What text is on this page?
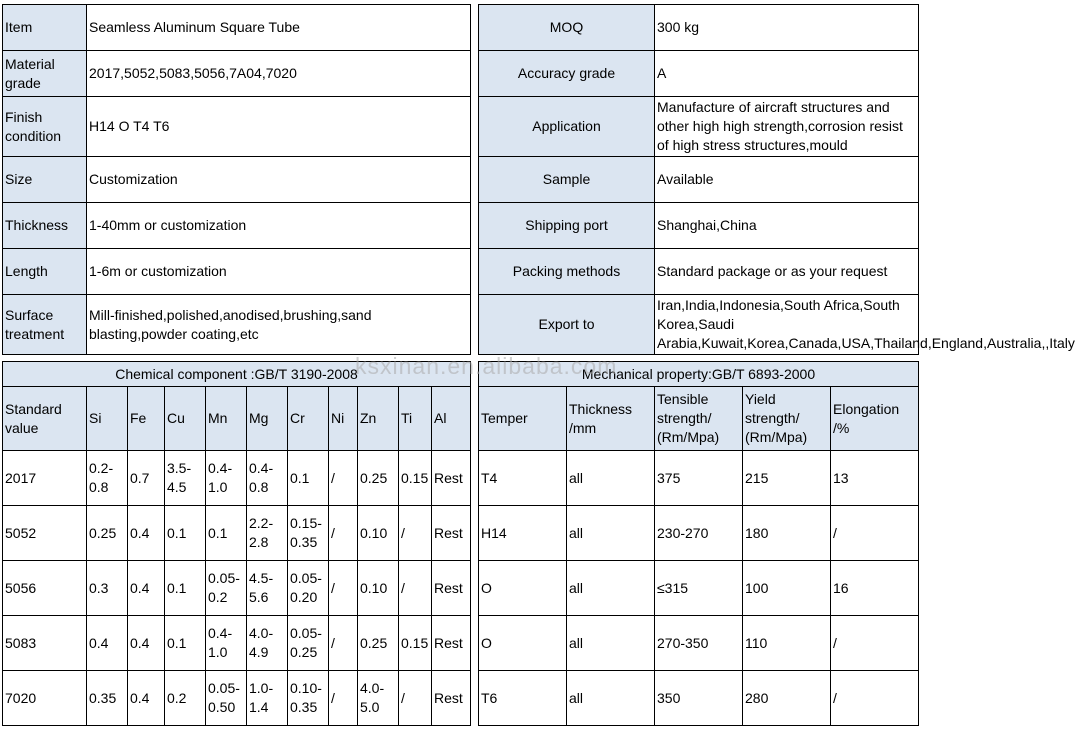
Item	Seamless Aluminum Square Tube
Material grade	2017,5052,5083,5056,7A04,7020
Finish condition	H14 O T4 T6
Size	Customization
Thickness	1-40mm or customization
Length	1-6m or customization
Surface treatment	Mill-finished,polished,anodised,brushing,sand blasting,powder coating,etc
MOQ	300 kg
Accuracy grade	A
Application	Manufacture of aircraft structures and other high high strength,corrosion resist of high stress structures,mould
Sample	Available
Shipping port	Shanghai,China
Packing methods	Standard package or as your request
Export to	Iran,India,Indonesia,South Africa,South Korea,Saudi Arabia,Kuwait,Korea,Canada,USA,Thailand,England,Australia,,Italy
Chemical component :GB/T 3190-2008										
Standard value	Si	Fe	Cu	Mn	Mg	Cr	Ni	Zn	Ti	Al
2017	0.2-0.8	0.7	3.5-4.5	0.4-1.0	0.4-0.8	0.1	/	0.25	0.15	Rest
5052	0.25	0.4	0.1	0.1	2.2-2.8	0.15-0.35	/	0.10	/	Rest
5056	0.3	0.4	0.1	0.05-0.2	4.5-5.6	0.05-0.20	/	0.10	/	Rest
5083	0.4	0.4	0.1	0.4-1.0	4.0-4.9	0.05-0.25	/	0.25	0.15	Rest
7020	0.35	0.4	0.2	0.05-0.50	1.0-1.4	0.10-0.35	/	4.0-5.0	/	Rest
Mechanical property:GB/T 6893-2000				
Temper	Thickness /mm	Tensible strength/ (Rm/Mpa)	Yield strength/ (Rm/Mpa)	Elongation /%
T4	all	375	215	13
H14	all	230-270	180	/
O	all	≤315	100	16
O	all	270-350	110	/
T6	all	350	280	/
ksxinan.en.alibaba.com
